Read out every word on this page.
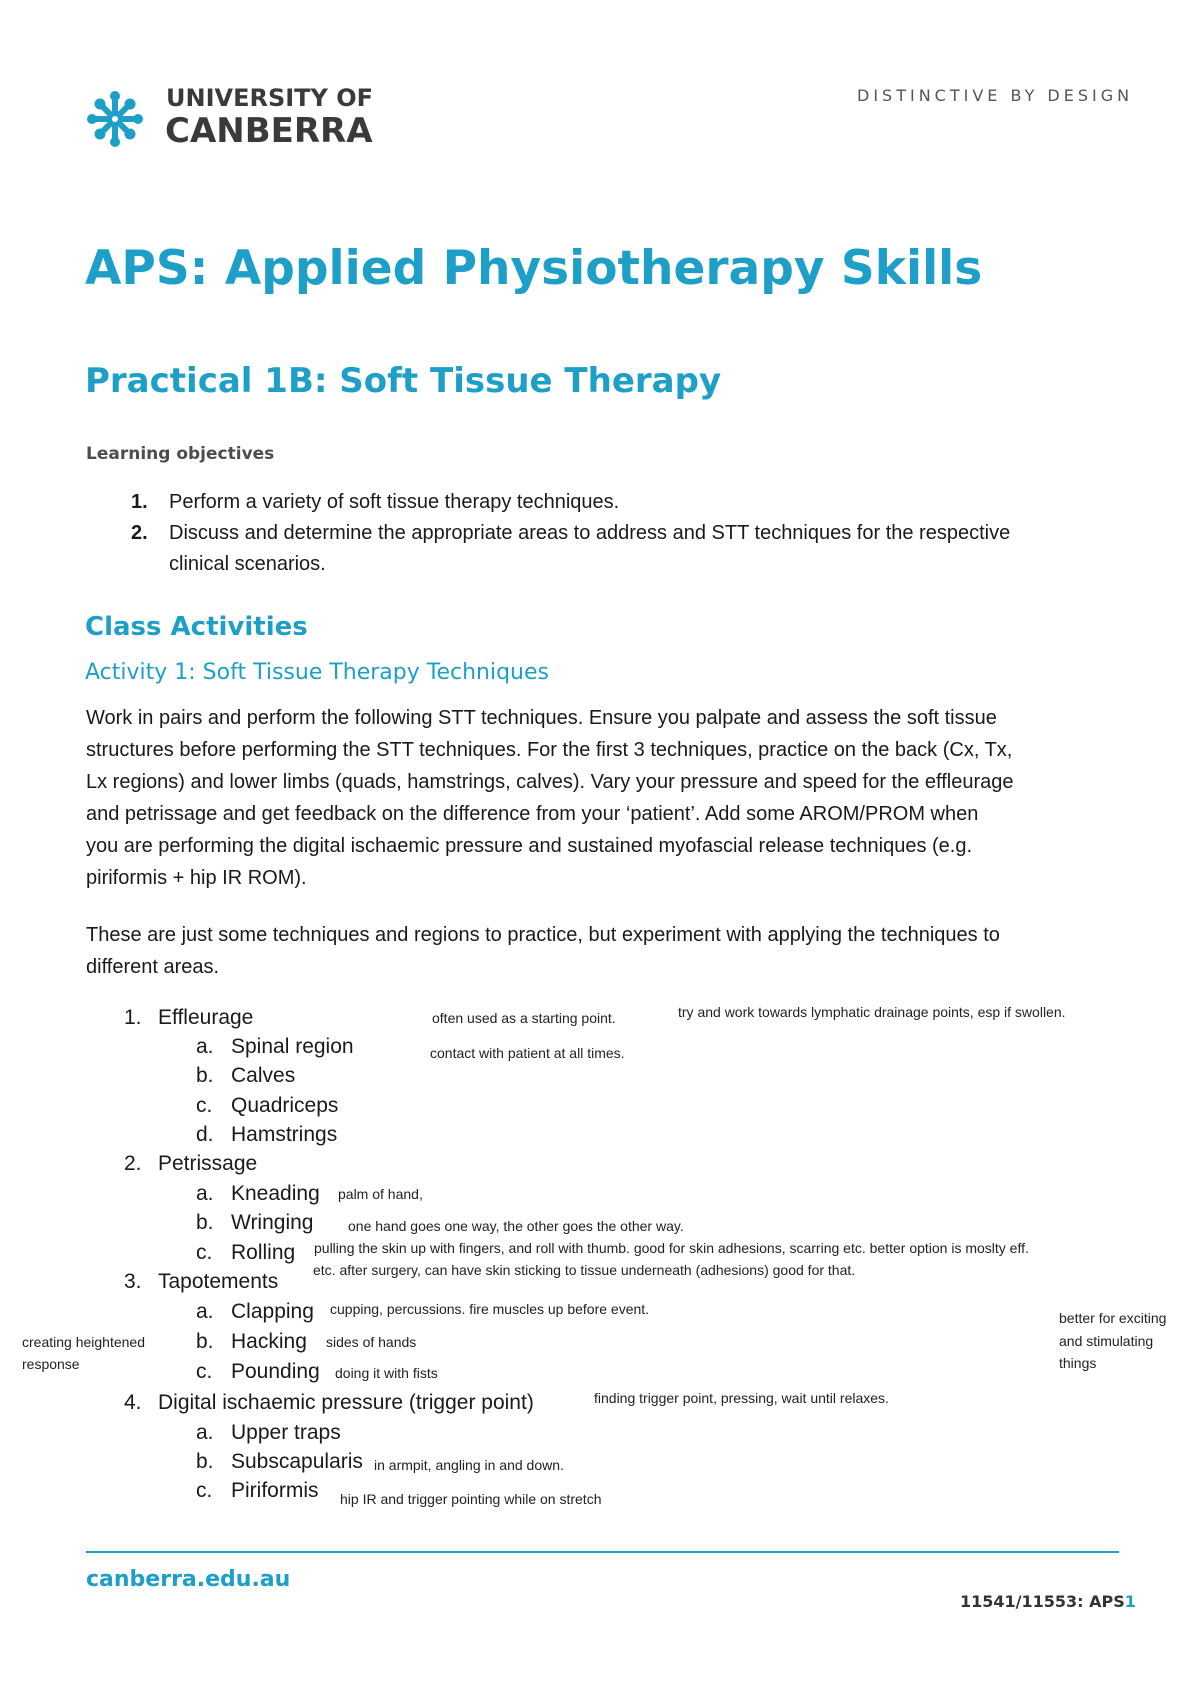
UNIVERSITY OF
CANBERRA
DISTINCTIVE BY DESIGN
APS: Applied Physiotherapy Skills
Practical 1B: Soft Tissue Therapy
Learning objectives
1. Perform a variety of soft tissue therapy techniques.
2. Discuss and determine the appropriate areas to address and STT techniques for the respective
clinical scenarios.
Class Activities
Activity 1: Soft Tissue Therapy Techniques
Work in pairs and perform the following STT techniques. Ensure you palpate and assess the soft tissue
structures before performing the STT techniques. For the first 3 techniques, practice on the back (Cx, Tx,
Lx regions) and lower limbs (quads, hamstrings, calves). Vary your pressure and speed for the effleurage
and petrissage and get feedback on the difference from your ‘patient’. Add some AROM/PROM when
you are performing the digital ischaemic pressure and sustained myofascial release techniques (e.g.
piriformis + hip IR ROM).
These are just some techniques and regions to practice, but experiment with applying the techniques to
different areas.
1. Effleurage
a. Spinal region
b. Calves
c. Quadriceps
d. Hamstrings
2. Petrissage
a. Kneading
b. Wringing
c. Rolling
3. Tapotements
a. Clapping
b. Hacking
c. Pounding
4. Digital ischaemic pressure (trigger point)
a. Upper traps
b. Subscapularis
c. Piriformis
often used as a starting point.	try and work towards lymphatic drainage points, esp if swollen.
contact with patient at all times.
palm of hand,
one hand goes one way, the other goes the other way.
pulling the skin up with fingers, and roll with thumb. good for skin adhesions, scarring etc. better option is moslty eff.
etc. after surgery, can have skin sticking to tissue underneath (adhesions) good for that.
cupping, percussions. fire muscles up before event.
sides of hands
doing it with fists
creating heightened
response
better for exciting
and stimulating
things
finding trigger point, pressing, wait until relaxes.
in armpit, angling in and down.
hip IR and trigger pointing while on stretch
canberra.edu.au
11541/11553: APS1
